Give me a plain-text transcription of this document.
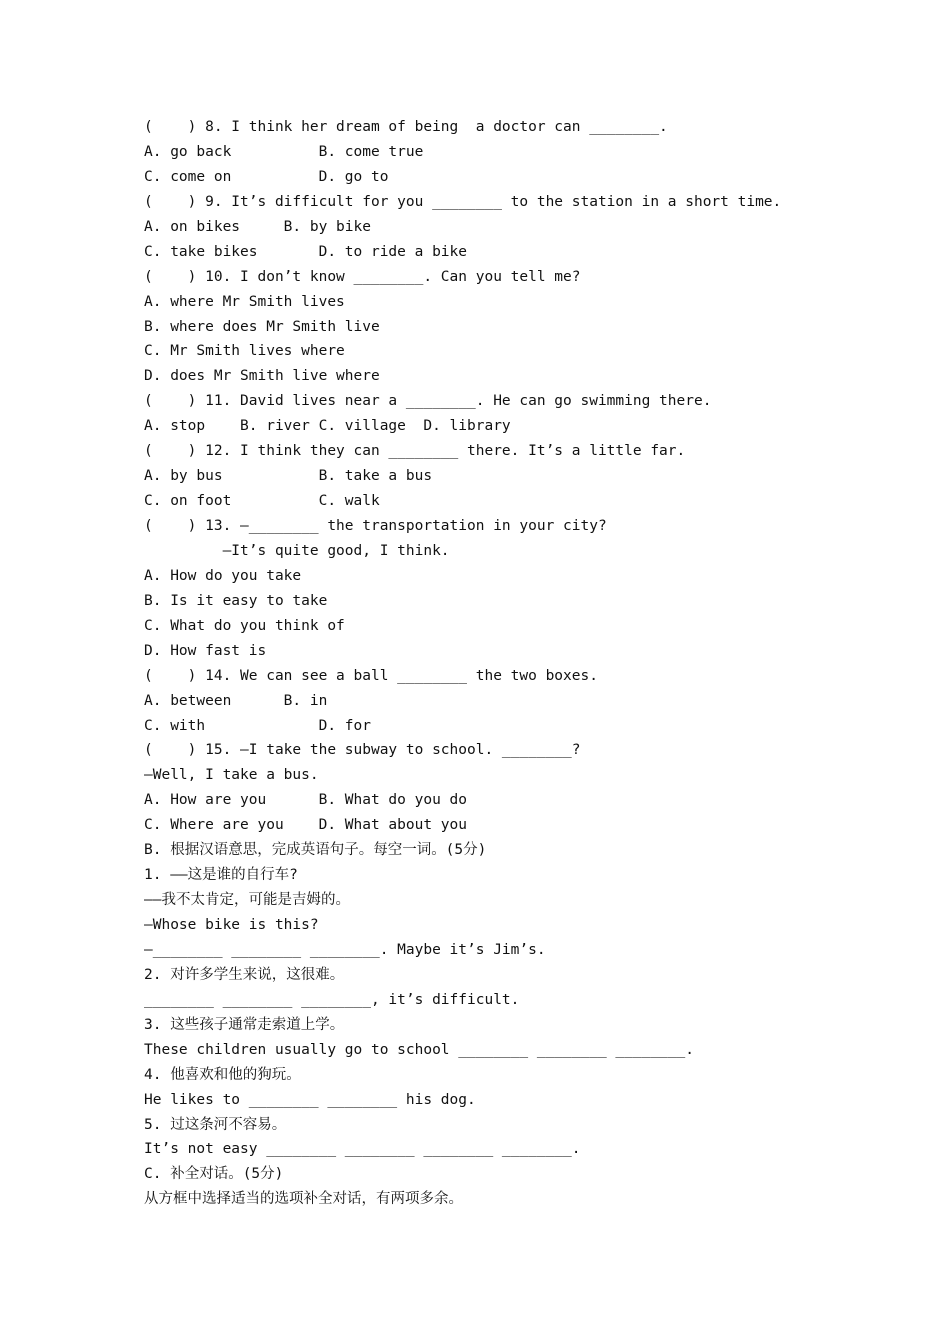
(    ) 8. I think her dream of being  a doctor can ________.
A. go back          B. come true
C. come on          D. go to
(    ) 9. It’s difficult for you ________ to the station in a short time.
A. on bikes     B. by bike
C. take bikes       D. to ride a bike
(    ) 10. I don’t know ________. Can you tell me?
A. where Mr Smith lives
B. where does Mr Smith live
C. Mr Smith lives where
D. does Mr Smith live where
(    ) 11. David lives near a ________. He can go swimming there.
A. stop    B. river C. village  D. library
(    ) 12. I think they can ________ there. It’s a little far.
A. by bus           B. take a bus
C. on foot          C. walk
(    ) 13. —________ the transportation in your city?
—It’s quite good, I think.
A. How do you take
B. Is it easy to take
C. What do you think of
D. How fast is
(    ) 14. We can see a ball ________ the two boxes.
A. between      B. in
C. with             D. for
(    ) 15. —I take the subway to school. ________?
—Well, I take a bus.
A. How are you      B. What do you do
C. Where are you    D. What about you
B. 根据汉语意思，完成英语句子。每空一词。(5分)
1. ——这是谁的自行车?
——我不太肯定，可能是吉姆的。
—Whose bike is this?
—________ ________ ________. Maybe it’s Jim’s.
2. 对许多学生来说，这很难。
________ ________ ________, it’s difficult.
3. 这些孩子通常走索道上学。
These children usually go to school ________ ________ ________.
4. 他喜欢和他的狗玩。
He likes to ________ ________ his dog.
5. 过这条河不容易。
It’s not easy ________ ________ ________ ________.
C. 补全对话。(5分)
从方框中选择适当的选项补全对话，有两项多余。
